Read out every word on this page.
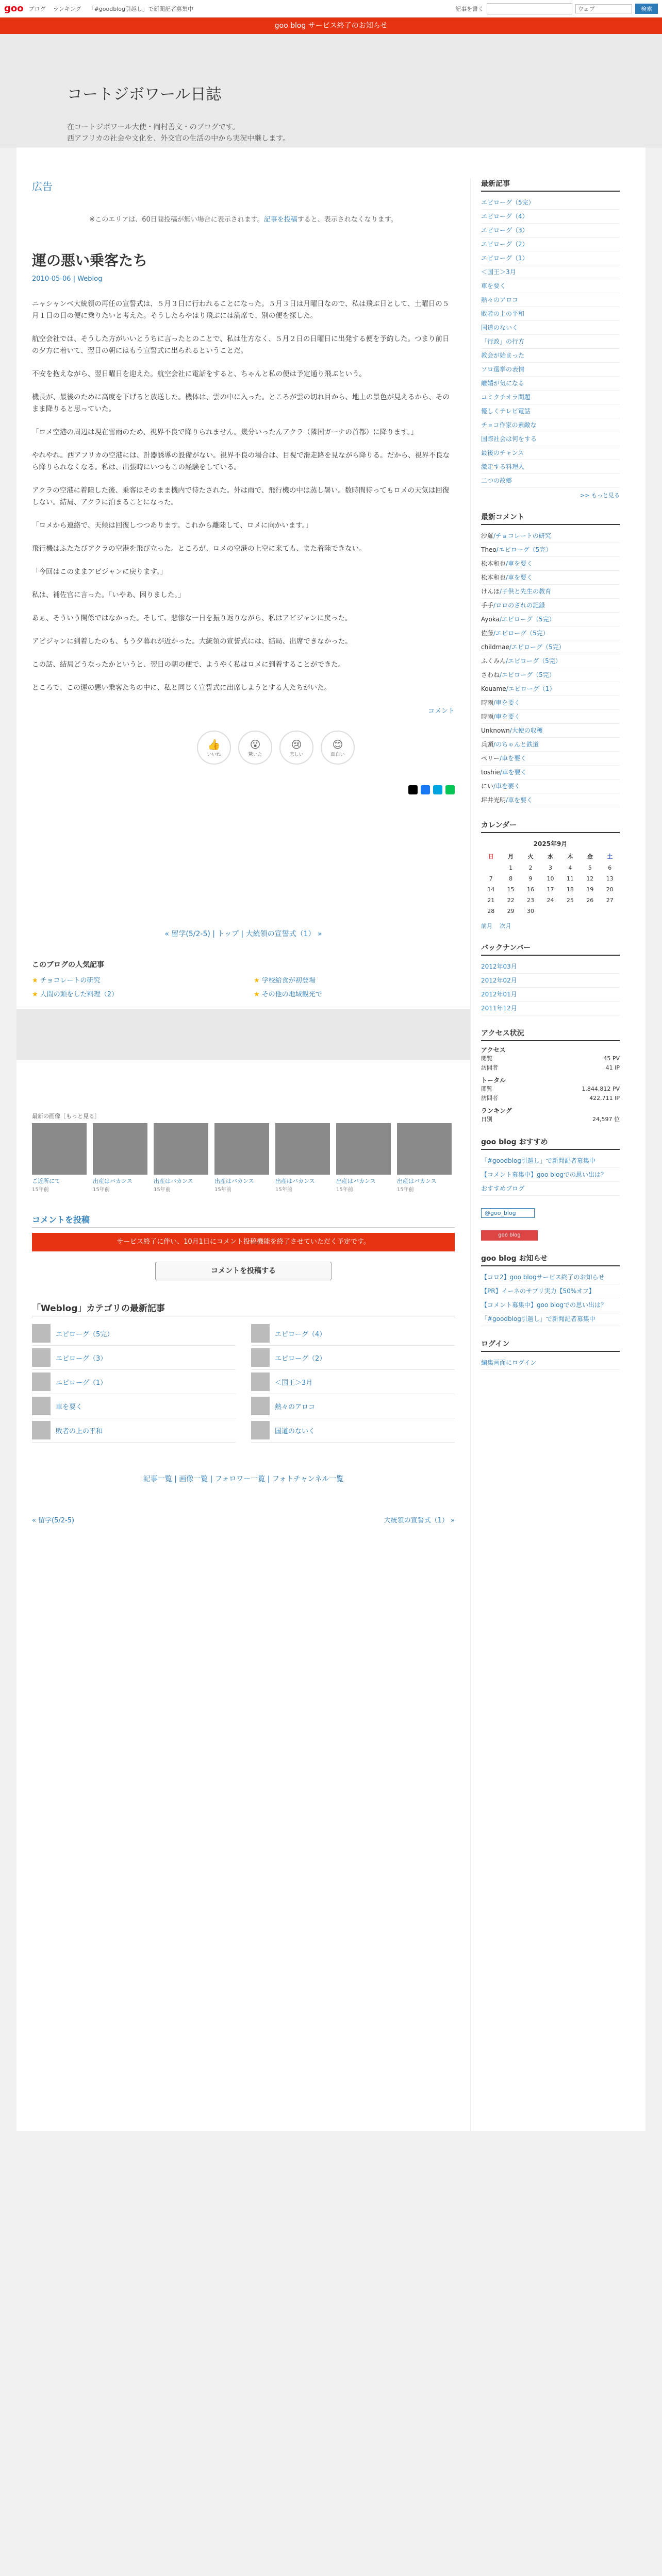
goo ブログ ランキング 「#goodblog引越し」で新聞記者募集中	記事を書く	ウェブ	検索
goo blog サービス終了のお知らせ
コートジボワール日誌
在コートジボワール大使・岡村善文・のブログです。
西アフリカの社会や文化を、外交官の生活の中から実況中継します。
広告
※このエリアは、60日間投稿が無い場合に表示されます。記事を投稿すると、表示されなくなります。
運の悪い乗客たち
2010-05-06 | Weblog

ニャシャンベ大統領の再任の宣誓式は、５月３日に行われることになった。５月３日は月曜日なので、私は飛ぶ日として、土曜日の５月１日の日の便に乗りたいと考えた。そうしたらやはり飛ぶには満席で、別の便を探した。

航空会社では、そうした方がいいとうちに言ったとのことで、私は仕方なく、５月２日の日曜日に出発する便を予約した。つまり前日の夕方に着いて、翌日の朝にはもう宣誓式に出られるということだ。

不安を抱えながら、翌日曜日を迎えた。航空会社に電話をすると、ちゃんと私の便は予定通り飛ぶという。

機長が、最後のために高度を下げると放送した。機体は、雲の中に入った。ところが雲の切れ目から、地上の景色が見えるから、そのまま降りると思っていた。

「ロメ空港の周辺は現在雷雨のため、視界不良で降りられません。幾分いったんアクラ（隣国ガーナの首都）に降ります。」

やれやれ。西アフリカの空港には、計器誘導の設備がない。視界不良の場合は、目視で滑走路を見ながら降りる。だから、視界不良なら降りられなくなる。私は、出張時にいつもこの経験をしている。

アクラの空港に着陸した後、乗客はそのまま機内で待たされた。外は雨で、飛行機の中は蒸し暑い。数時間待ってもロメの天気は回復しない。結局、アクラに泊まることになった。

「ロメから連絡で、天候は回復しつつあります。これから離陸して、ロメに向かいます。」

飛行機はふたたびアクラの空港を飛び立った。ところが、ロメの空港の上空に来ても、また着陸できない。

「今回はこのままアビジャンに戻ります。」

私は、補佐官に言った。「いやあ、困りました。」

あぁ、そういう関係ではなかった。そして、悲惨な一日を振り返りながら、私はアビジャンに戻った。

アビジャンに到着したのも、もう夕暮れが近かった。大統領の宣誓式には、結局、出席できなかった。

この話、結局どうなったかというと、翌日の朝の便で、ようやく私はロメに到着することができた。

ところで、この運の悪い乗客たちの中に、私と同じく宣誓式に出席しようとする人たちがいた。

コメント
👍
いいね
😮
驚いた
😢
悲しい
😊
面白い
« 留学(5/2-5) | トップ | 大統領の宣誓式（1） »
このブログの人気記事
★ チョコレートの研究	★ 学校給食が初登場
★ 人間の頭をした料理（2）	★ その他の地域観光で
最新の画像［もっと見る］
ご近所にて
15年前
出産はバカンス
15年前
出産はバカンス
15年前
出産はバカンス
15年前
出産はバカンス
15年前
出産はバカンス
15年前
出産はバカンス
15年前
コメントを投稿
サービス終了に伴い、10月1日にコメント投稿機能を終了させていただく予定です。
コメントを投稿する
「Weblog」カテゴリの最新記事
エピローグ（5完）	エピローグ（4）
エピローグ（3）	エピローグ（2）
エピローグ（1）	＜国王＞3月
車を要く	熱々のアロコ
敗者の上の平和	国道のないく
記事一覧 | 画像一覧 | フォロワー一覧 | フォトチャンネル一覧
« 留学(5/2-5)	大統領の宣誓式（1） »
最新記事
エピローグ（5完）
エピローグ（4）
エピローグ（3）
エピローグ（2）
エピローグ（1）
＜国王＞3月
車を要く
熱々のアロコ
敗者の上の平和
国道のないく
「行政」の行方
教会が始まった
ソロ選挙の表情
離婚が気になる
コミクチオラ問題
優しくテレビ電話
チョコ作家の素敵な
国際社会は何をする
最後のチャンス
激走する料理人
二つの故郷
>> もっと見る
最新コメント
沙羅/チョコレートの研究
Theo/エピローグ（5完）
松本和也/車を要く
松本和也/車を要く
けんほ/子供と先生の教育
手手/ロロのされの記録
Ayoka/エピローグ（5完）
佐藤/エピローグ（5完）
childmae/エピローグ（5完）
ふくみん/エピローグ（5完）
さわね/エピローグ（5完）
Kouame/エピローグ（1）
時雨/車を要く
時雨/車を要く
Unknown/大使の収穫
兵頭/のちゃんと鉄道
ペリー/車を要く
toshie/車を要く
にい/車を要く
坪井光明/車を要く
カレンダー
2025年9月						
日	月	火	水	木	金	土
	1	2	3	4	5	6
7	8	9	10	11	12	13
14	15	16	17	18	19	20
21	22	23	24	25	26	27
28	29	30				
前月　 次月
バックナンバー
2012年03月
2012年02月
2012年01月
2011年12月
アクセス状況
アクセス
閲覧	45 PV
訪問者	41 IP
トータル
閲覧	1,844,812 PV
訪問者	422,711 IP
ランキング
日別	24,597 位
goo blog おすすめ
「#goodblog引越し」で新聞記者募集中
【コメント募集中】goo blogでの思い出は？
おすすめブログ
@goo_blog
goo blog
goo blog お知らせ
【コロ2】goo blogサービス終了のお知らせ
【PR】イーネのサプリ実力【50%オフ】
【コメント募集中】goo blogでの思い出は？
「#goodblog引越し」で新聞記者募集中
ログイン
編集画面にログイン
